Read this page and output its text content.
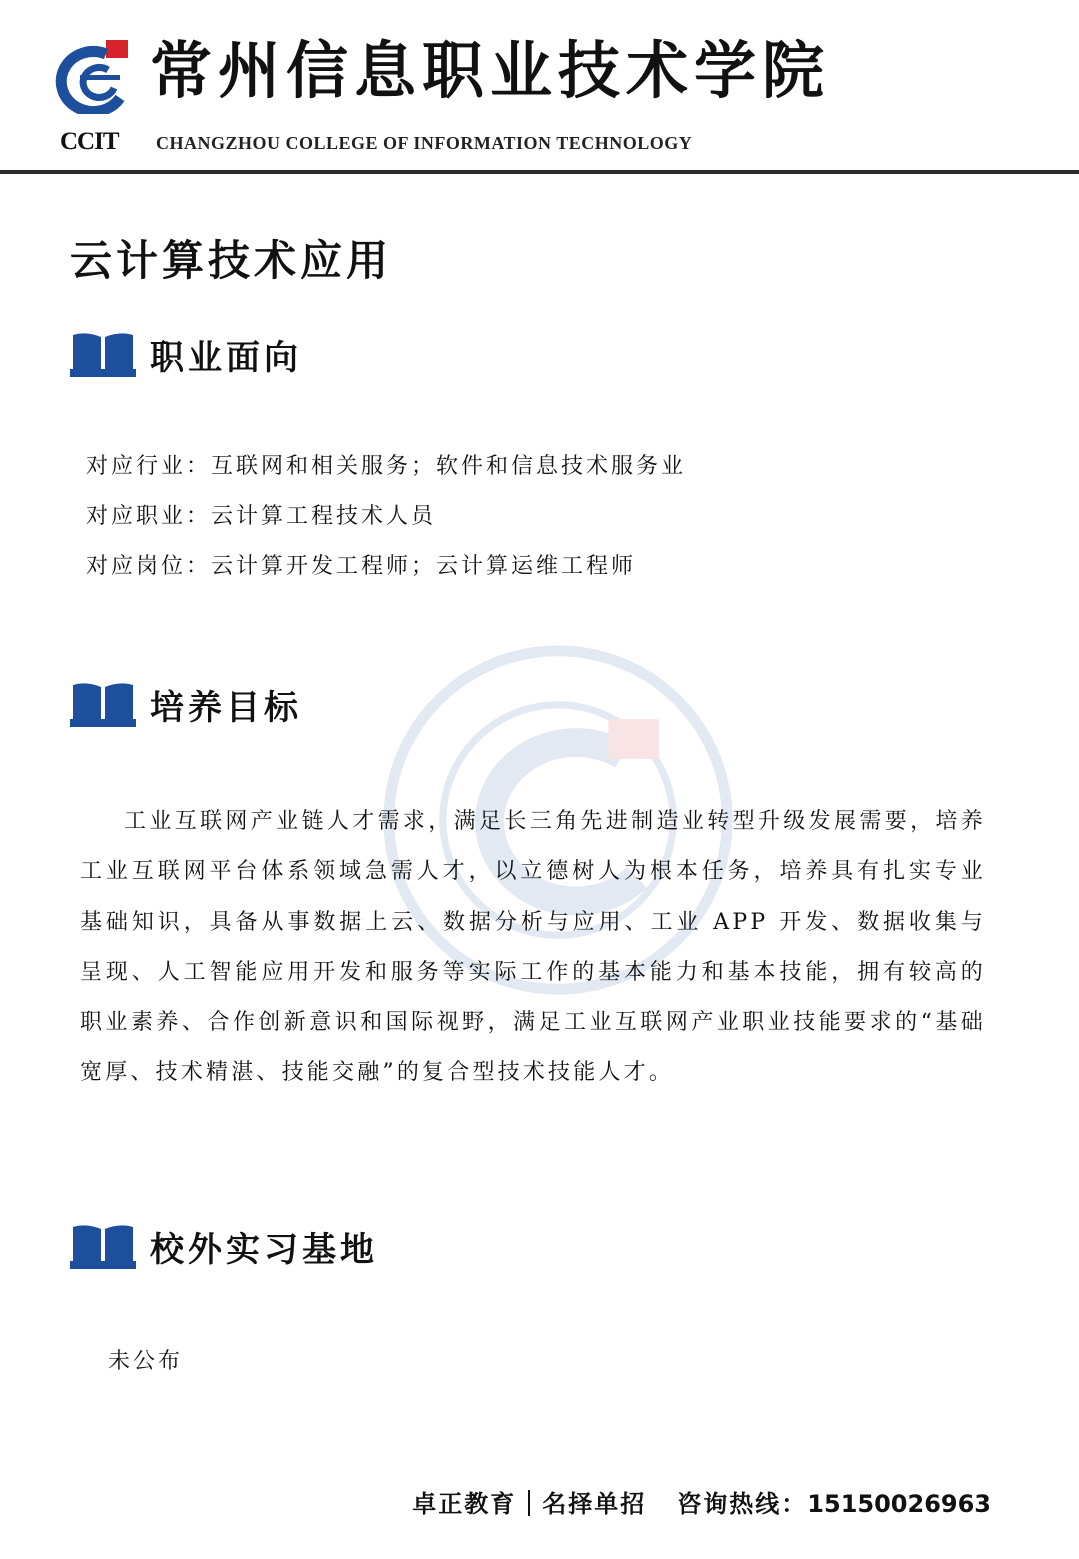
常州信息职业技术学院
CCIT CHANGZHOU COLLEGE OF INFORMATION TECHNOLOGY
云计算技术应用
职业面向
对应行业：互联网和相关服务；软件和信息技术服务业
对应职业：云计算工程技术人员
对应岗位：云计算开发工程师；云计算运维工程师
培养目标

工业互联网产业链人才需求，满足长三角先进制造业转型升级发展需要，培养工业互联网平台体系领域急需人才，以立德树人为根本任务，培养具有扎实专业基础知识，具备从事数据上云、数据分析与应用、工业 APP 开发、数据收集与呈现、人工智能应用开发和服务等实际工作的基本能力和基本技能，拥有较高的职业素养、合作创新意识和国际视野，满足工业互联网产业职业技能要求的“基础宽厚、技术精湛、技能交融”的复合型技术技能人才。

校外实习基地
未公布
卓正教育 名择单招 咨询热线：15150026963
